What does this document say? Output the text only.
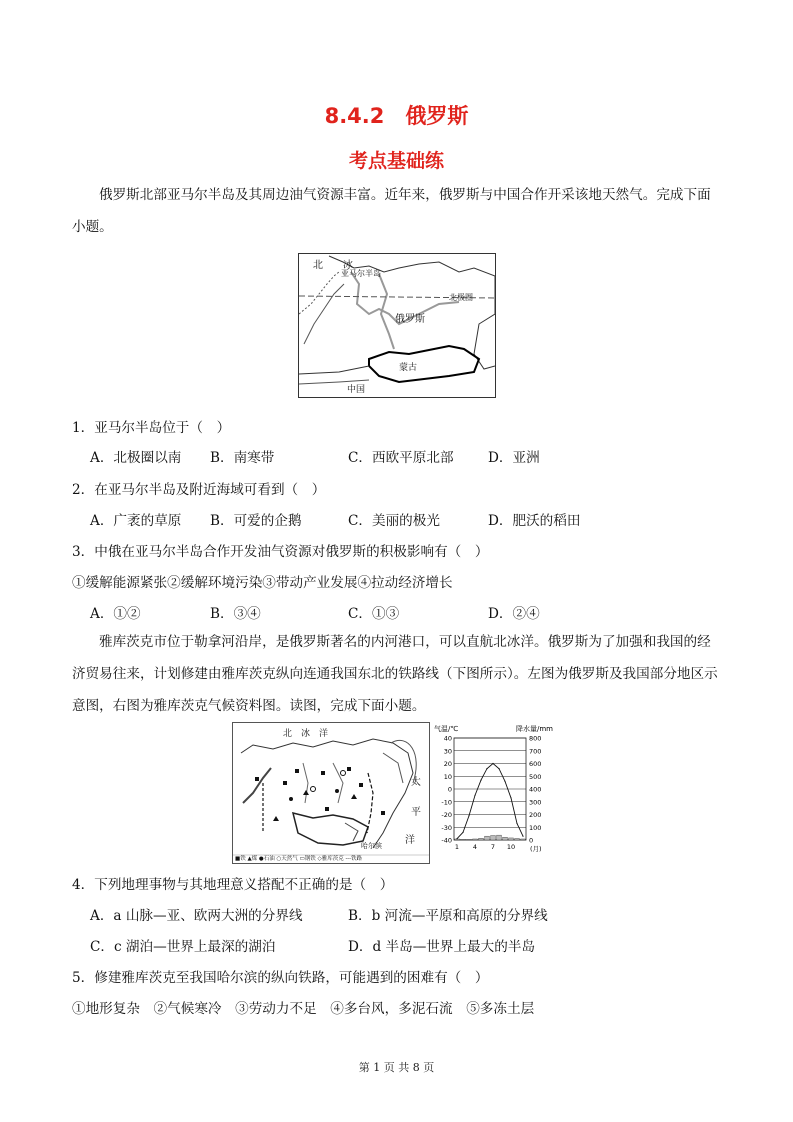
8.4.2　俄罗斯
考点基础练
俄罗斯北部亚马尔半岛及其周边油气资源丰富。近年来，俄罗斯与中国合作开采该地天然气。完成下面小题。
北 冰
亚马尔半岛
北极圈
俄罗斯
蒙古
中国
1．亚马尔半岛位于（　）
A．北极圈以南 B．南寒带	C．西欧平原北部	D．亚洲
2．在亚马尔半岛及附近海域可看到（　）
A．广袤的草原 B．可爱的企鹅	C．美丽的极光	D．肥沃的稻田
3．中俄在亚马尔半岛合作开发油气资源对俄罗斯的积极影响有（　）
①缓解能源紧张②缓解环境污染③带动产业发展④拉动经济增长
A．①②	B．③④	C．①③	D．②④
雅库茨克市位于勒拿河沿岸，是俄罗斯著名的内河港口，可以直航北冰洋。俄罗斯为了加强和我国的经济贸易往来，计划修建由雅库茨克纵向连通我国东北的铁路线（下图所示）。左图为俄罗斯及我国部分地区示意图，右图为雅库茨克气候资料图。读图，完成下面小题。
北　冰　洋
太
平
洋
哈尔滨
■铁 ▲煤 ●石油 ○天然气 ▭钢铁 ◇雅库茨克 ---铁路
40	800
30	700
20	600
10	500
0	400
-10	300
-20	200
-30	100
-40	0
1 4 7 10 (月)
气温/℃	降水量/mm
4．下列地理事物与其地理意义搭配不正确的是（　）
A．a 山脉—亚、欧两大洲的分界线	B．b 河流—平原和高原的分界线
C．c 湖泊—世界上最深的湖泊	D．d 半岛—世界上最大的半岛
5．修建雅库茨克至我国哈尔滨的纵向铁路，可能遇到的困难有（　）
①地形复杂　②气候寒冷　③劳动力不足　④多台风，多泥石流　⑤多冻土层
第 1 页 共 8 页
